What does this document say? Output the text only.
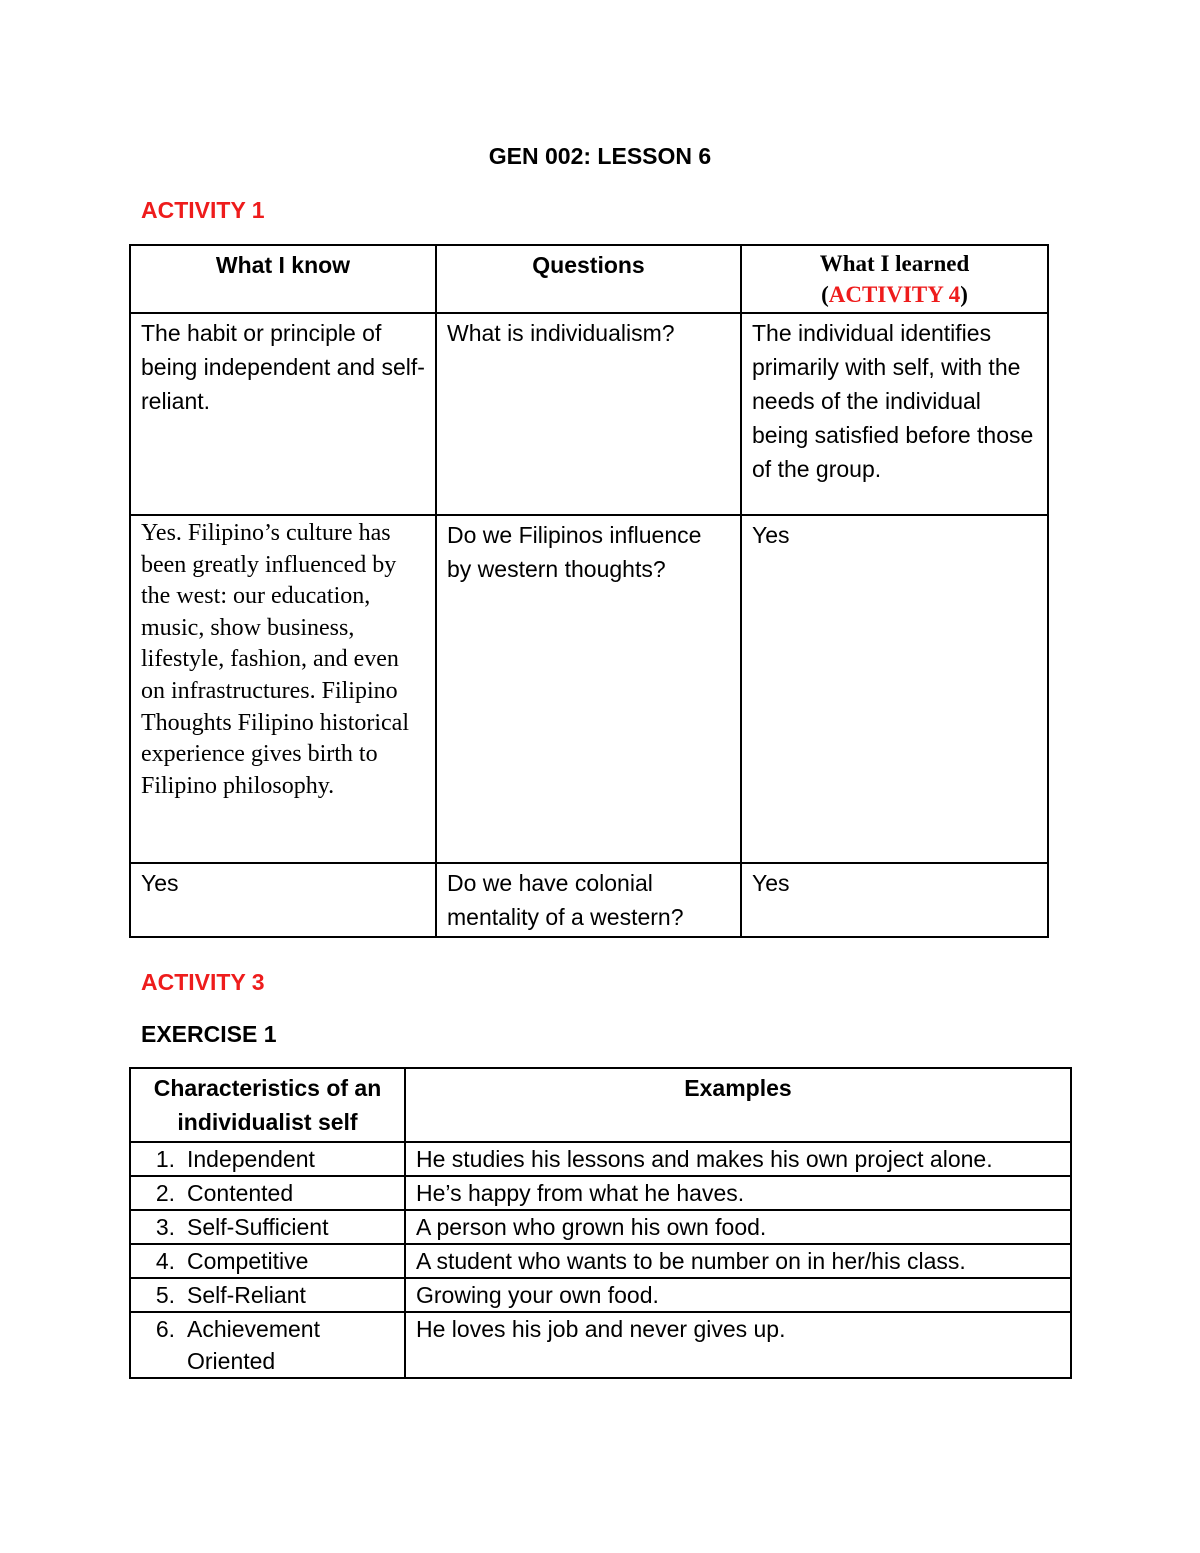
GEN 002: LESSON 6
ACTIVITY 1
What I know	Questions	What I learned
(ACTIVITY 4)
The habit or principle of being independent and self-reliant.	What is individualism?	The individual identifies primarily with self, with the needs of the individual being satisfied before those of the group.
Yes. Filipino’s culture has been greatly influenced by the west: our education, music, show business, lifestyle, fashion, and even on infrastructures. Filipino Thoughts Filipino historical experience gives birth to Filipino philosophy.	Do we Filipinos influence by western thoughts?	Yes
Yes	Do we have colonial mentality of a western?	Yes
ACTIVITY 3
EXERCISE 1
Characteristics of an individualist self	Examples

1. Independent	He studies his lessons and makes his own project alone.

2. Contented	He’s happy from what he haves.

3. Self-Sufficient	A person who grown his own food.

4. Competitive	A student who wants to be number on in her/his class.

5. Self-Reliant	Growing your own food.

6. Achievement Oriented	He loves his job and never gives up.
